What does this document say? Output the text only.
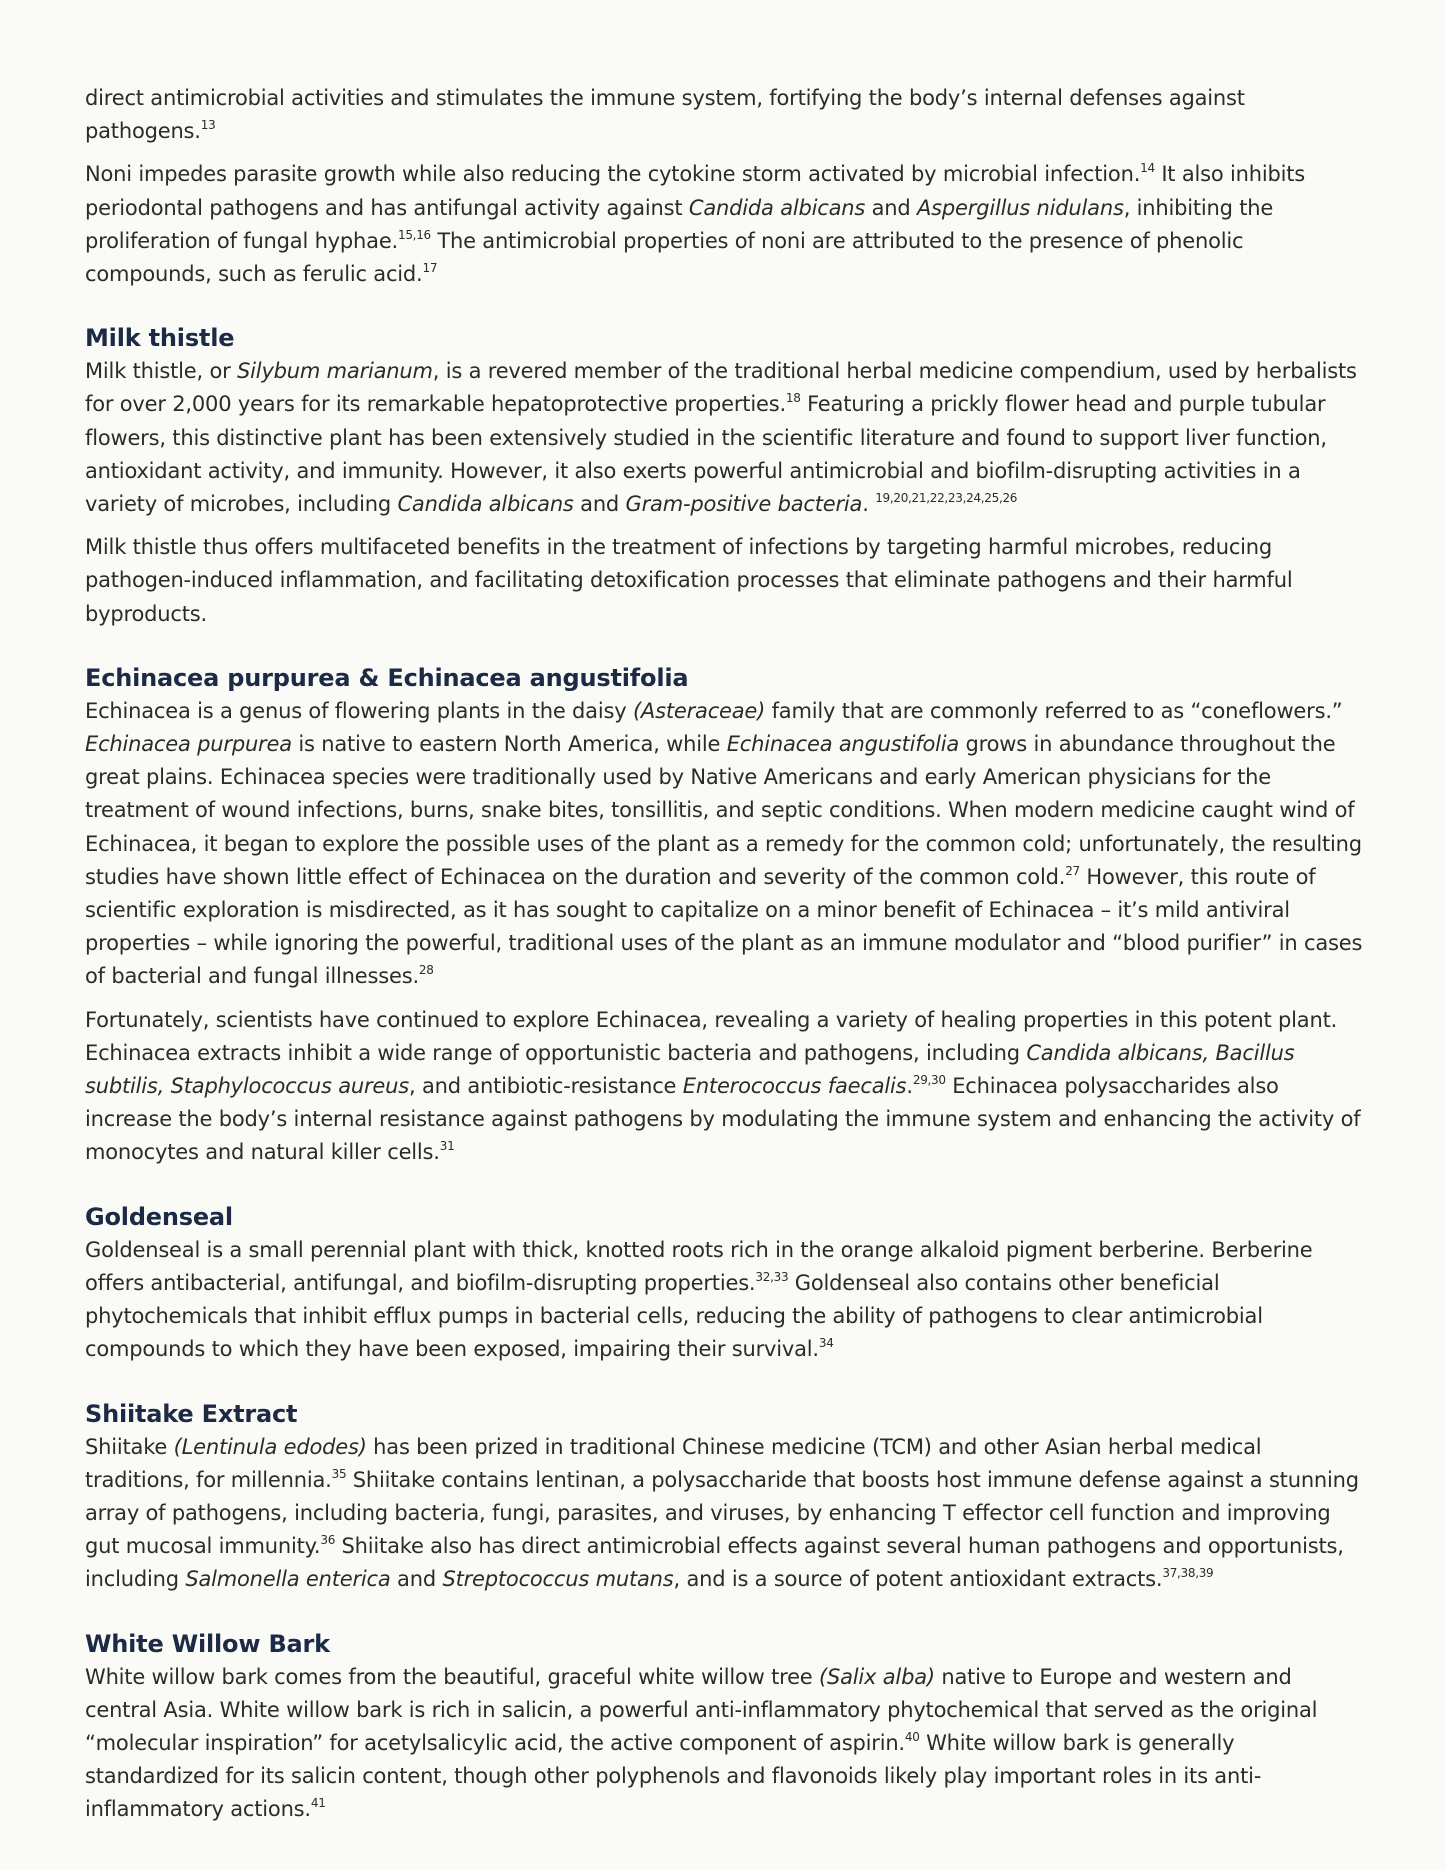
direct antimicrobial activities and stimulates the immune system, fortifying the body’s internal defenses against pathogens.$^{13}$

Noni impedes parasite growth while also reducing the cytokine storm activated by microbial infection.$^{14}$ It also inhibits periodontal pathogens and has antifungal activity against Candida albicans and Aspergillus nidulans, inhibiting the proliferation of fungal hyphae.$^{15,16}$ The antimicrobial properties of noni are attributed to the presence of phenolic compounds, such as ferulic acid.$^{17}$

Milk thistle

Milk thistle, or Silybum marianum, is a revered member of the traditional herbal medicine compendium, used by herbalists for over 2,000 years for its remarkable hepatoprotective properties.$^{18}$ Featuring a prickly flower head and purple tubular flowers, this distinctive plant has been extensively studied in the scientific literature and found to support liver function, antioxidant activity, and immunity. However, it also exerts powerful antimicrobial and biofilm-disrupting activities in a variety of microbes, including Candida albicans and Gram-positive bacteria. $^{19,20,21,22,23,24,25,26}$

Milk thistle thus offers multifaceted benefits in the treatment of infections by targeting harmful microbes, reducing pathogen-induced inflammation, and facilitating detoxification processes that eliminate pathogens and their harmful byproducts.

Echinacea purpurea & Echinacea angustifolia

Echinacea is a genus of flowering plants in the daisy (Asteraceae) family that are commonly referred to as “coneflowers.” Echinacea purpurea is native to eastern North America, while Echinacea angustifolia grows in abundance throughout the great plains. Echinacea species were traditionally used by Native Americans and early American physicians for the treatment of wound infections, burns, snake bites, tonsillitis, and septic conditions. When modern medicine caught wind of Echinacea, it began to explore the possible uses of the plant as a remedy for the common cold; unfortunately, the resulting studies have shown little effect of Echinacea on the duration and severity of the common cold.$^{27}$ However, this route of scientific exploration is misdirected, as it has sought to capitalize on a minor benefit of Echinacea – it’s mild antiviral properties – while ignoring the powerful, traditional uses of the plant as an immune modulator and “blood purifier” in cases of bacterial and fungal illnesses.$^{28}$

Fortunately, scientists have continued to explore Echinacea, revealing a variety of healing properties in this potent plant. Echinacea extracts inhibit a wide range of opportunistic bacteria and pathogens, including Candida albicans, Bacillus subtilis, Staphylococcus aureus, and antibiotic-resistance Enterococcus faecalis.$^{29,30}$ Echinacea polysaccharides also increase the body’s internal resistance against pathogens by modulating the immune system and enhancing the activity of monocytes and natural killer cells.$^{31}$

Goldenseal

Goldenseal is a small perennial plant with thick, knotted roots rich in the orange alkaloid pigment berberine. Berberine offers antibacterial, antifungal, and biofilm-disrupting properties.$^{32,33}$ Goldenseal also contains other beneficial phytochemicals that inhibit efflux pumps in bacterial cells, reducing the ability of pathogens to clear antimicrobial compounds to which they have been exposed, impairing their survival.$^{34}$

Shiitake Extract

Shiitake (Lentinula edodes) has been prized in traditional Chinese medicine (TCM) and other Asian herbal medical traditions, for millennia.$^{35}$ Shiitake contains lentinan, a polysaccharide that boosts host immune defense against a stunning array of pathogens, including bacteria, fungi, parasites, and viruses, by enhancing T effector cell function and improving gut mucosal immunity.$^{36}$ Shiitake also has direct antimicrobial effects against several human pathogens and opportunists, including Salmonella enterica and Streptococcus mutans, and is a source of potent antioxidant extracts.$^{37,38,39}$

White Willow Bark

White willow bark comes from the beautiful, graceful white willow tree (Salix alba) native to Europe and western and central Asia. White willow bark is rich in salicin, a powerful anti-inflammatory phytochemical that served as the original “molecular inspiration” for acetylsalicylic acid, the active component of aspirin.$^{40}$ White willow bark is generally standardized for its salicin content, though other polyphenols and flavonoids likely play important roles in its anti-inflammatory actions.$^{41}$
